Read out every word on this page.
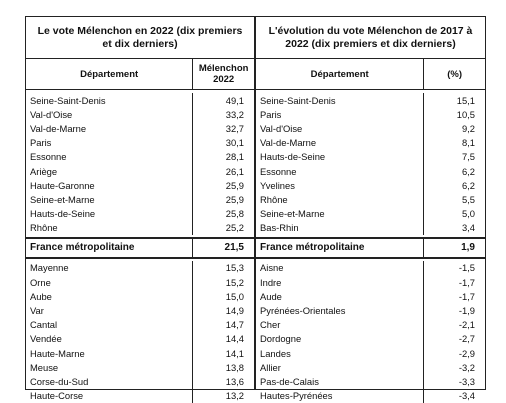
Le vote Mélenchon en 2022 (dix premiers et dix derniers)
Département	Mélenchon 2022
Seine-Saint-Denis	49,1
Val-d'Oise	33,2
Val-de-Marne	32,7
Paris	30,1
Essonne	28,1
Ariège	26,1
Haute-Garonne	25,9
Seine-et-Marne	25,9
Hauts-de-Seine	25,8
Rhône	25,2
France métropolitaine	21,5
Mayenne	15,3
Orne	15,2
Aube	15,0
Var	14,9
Cantal	14,7
Vendée	14,4
Haute-Marne	14,1
Meuse	13,8
Corse-du-Sud	13,6
Haute-Corse	13,2
L'évolution du vote Mélenchon de 2017 à 2022 (dix premiers et dix derniers)
Département	(%)
Seine-Saint-Denis	15,1
Paris	10,5
Val-d'Oise	9,2
Val-de-Marne	8,1
Hauts-de-Seine	7,5
Essonne	6,2
Yvelines	6,2
Rhône	5,5
Seine-et-Marne	5,0
Bas-Rhin	3,4
France métropolitaine	1,9
Aisne	-1,5
Indre	-1,7
Aude	-1,7
Pyrénées-Orientales	-1,9
Cher	-2,1
Dordogne	-2,7
Landes	-2,9
Allier	-3,2
Pas-de-Calais	-3,3
Hautes-Pyrénées	-3,4
